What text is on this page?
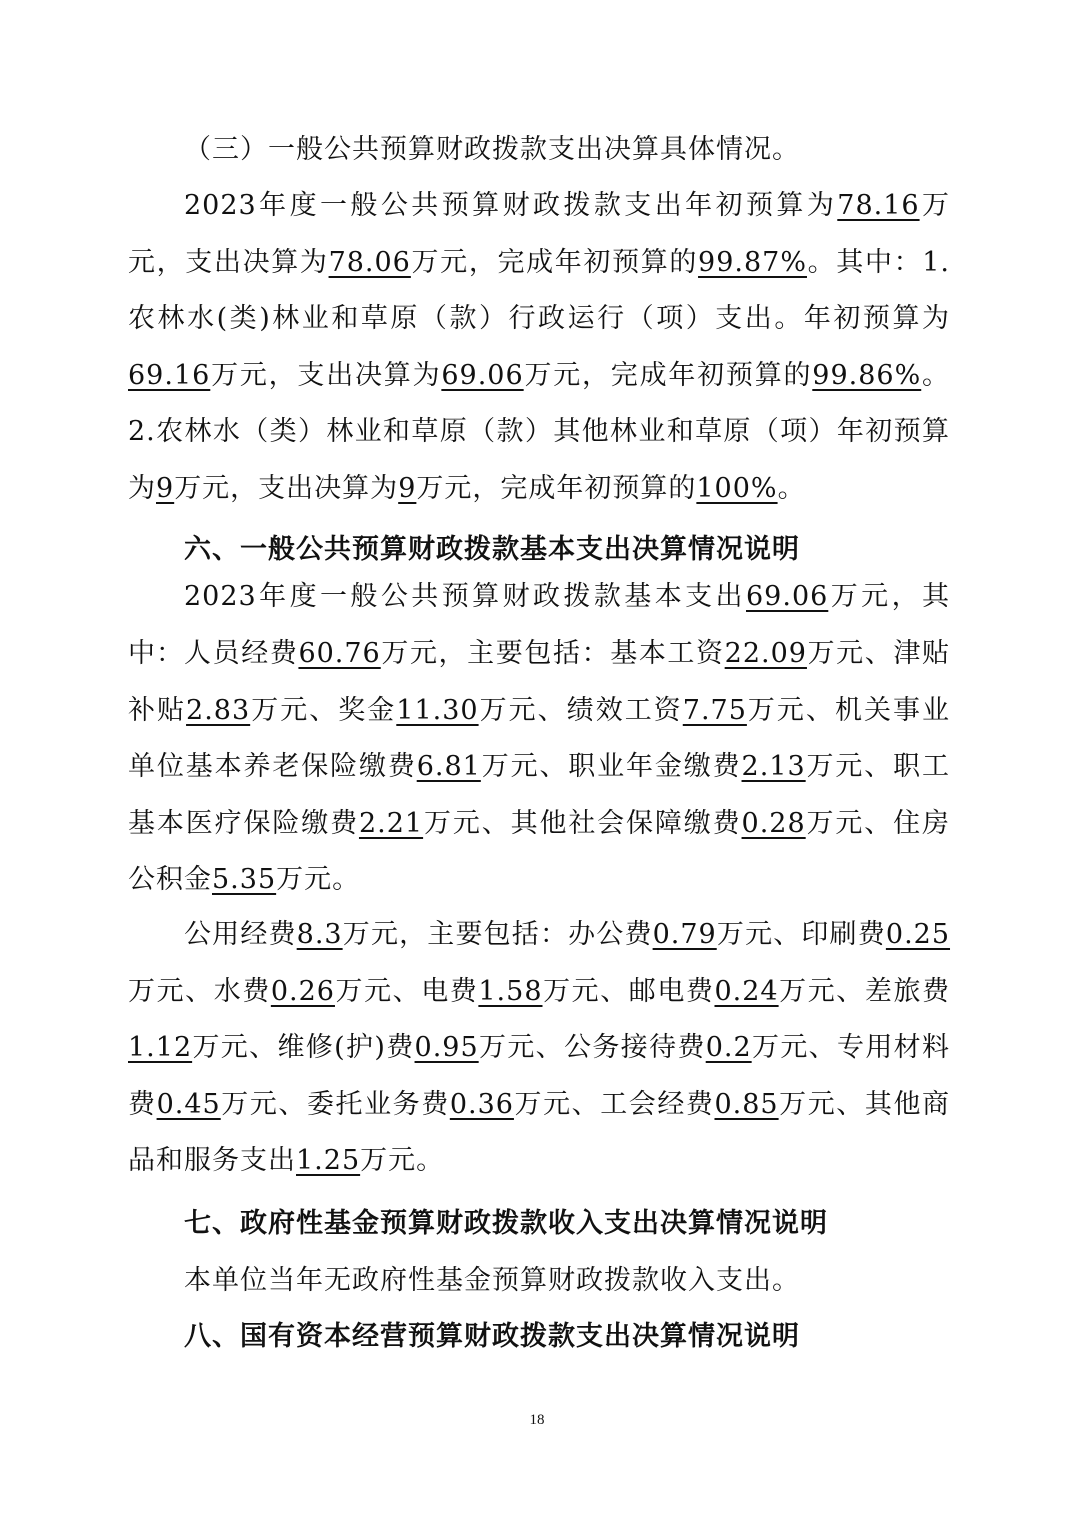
（三）一般公共预算财政拨款支出决算具体情况。

2023年度一般公共预算财政拨款支出年初预算为78.16万元，支出决算为78.06万元，完成年初预算的99.87%。其中：1.农林水(类)林业和草原（款）行政运行（项）支出。年初预算为69.16万元，支出决算为69.06万元，完成年初预算的99.86%。2.农林水（类）林业和草原（款）其他林业和草原（项）年初预算为9万元，支出决算为9万元，完成年初预算的100%。

六、一般公共预算财政拨款基本支出决算情况说明

2023年度一般公共预算财政拨款基本支出69.06万元，其中： 人员经费60.76万元，主要包括：基本工资22.09万元、津贴补贴2.83万元、奖金11.30万元、绩效工资7.75万元、机关事业单位基本养老保险缴费6.81万元、职业年金缴费2.13万元、职工基本医疗保险缴费2.21万元、其他社会保障缴费0.28万元、住房公积金5.35万元。

公用经费8.3万元，主要包括：办公费0.79万元、印刷费0.25万元、水费0.26万元、电费1.58万元、邮电费0.24万元、差旅费1.12万元、维修(护)费0.95万元、公务接待费0.2万元、专用材料费0.45万元、委托业务费0.36万元、工会经费0.85万元、其他商品和服务支出1.25万元。

七、政府性基金预算财政拨款收入支出决算情况说明

本单位当年无政府性基金预算财政拨款收入支出。

八、国有资本经营预算财政拨款支出决算情况说明
18
